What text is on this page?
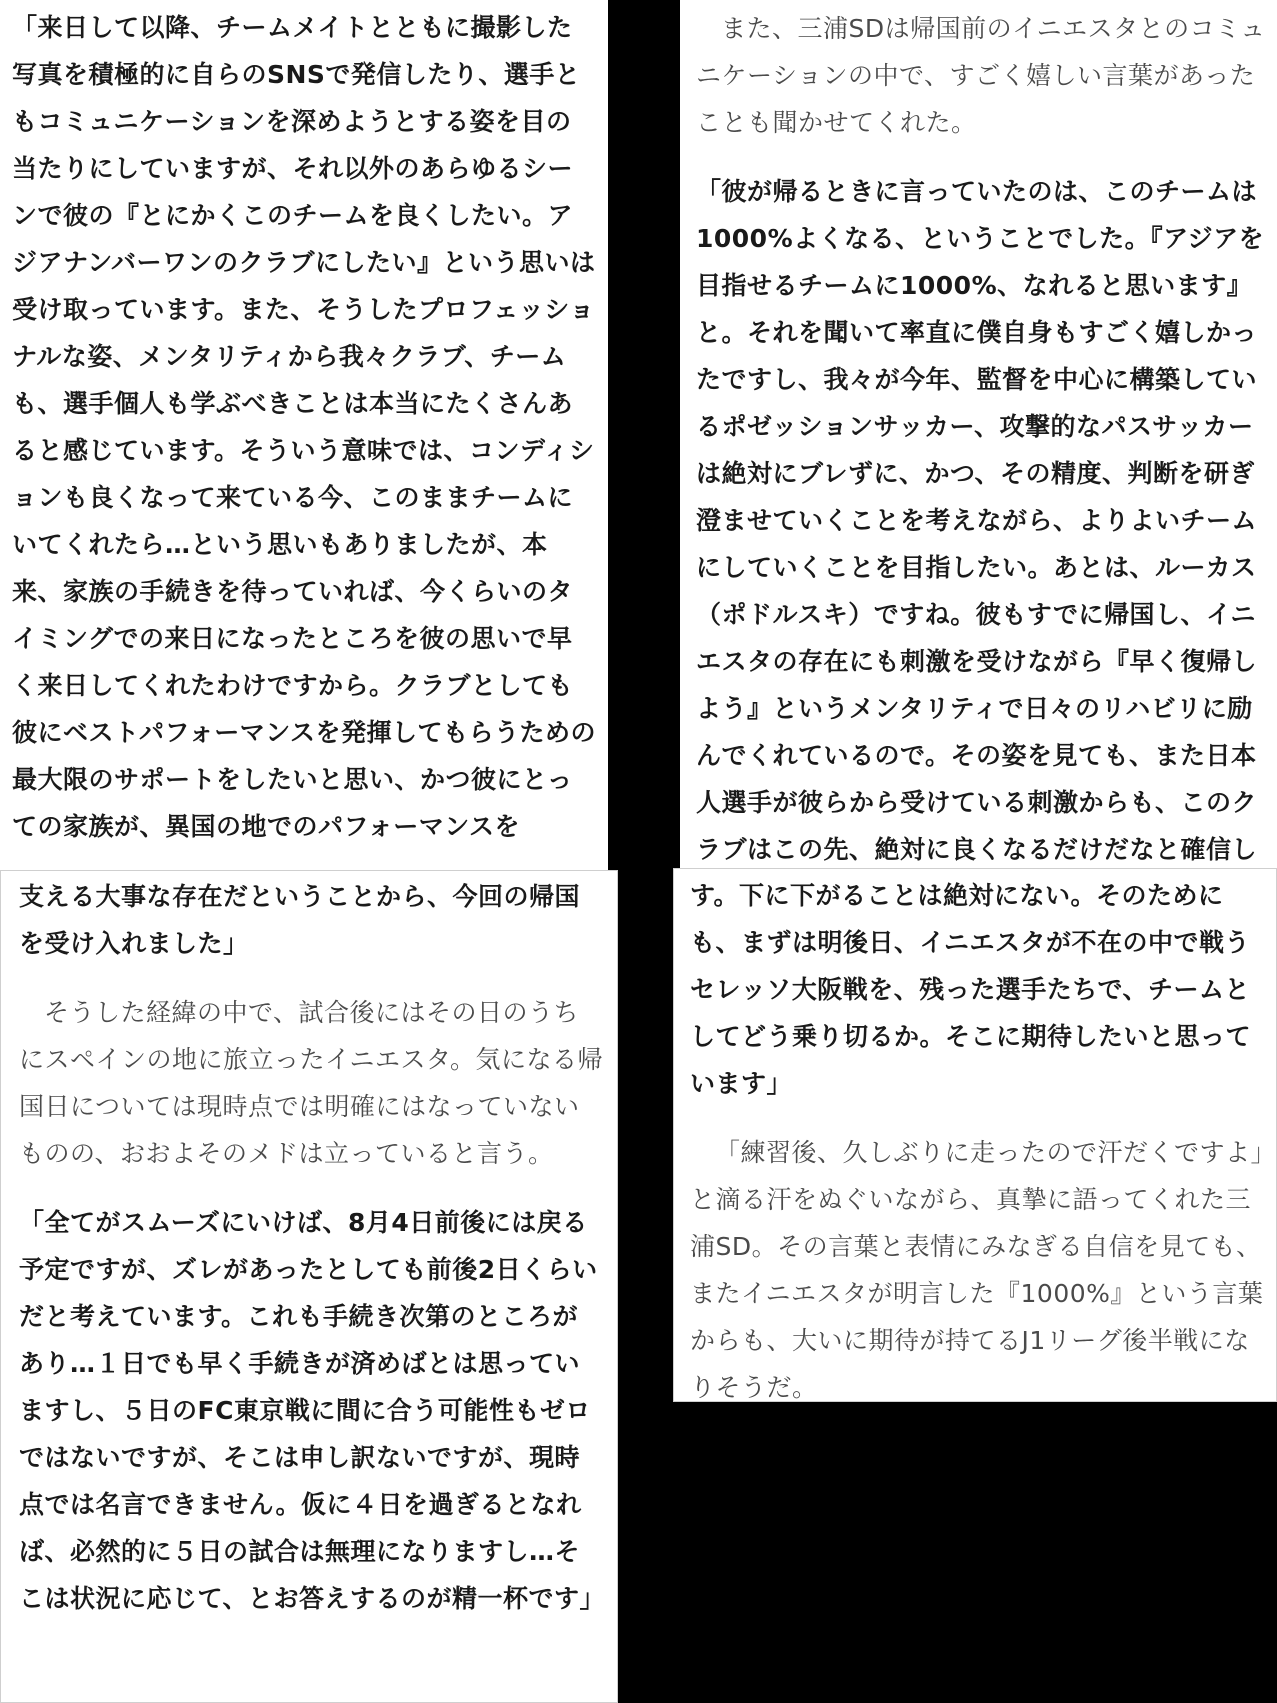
「来日して以降、チームメイトとともに撮影した写真を積極的に自らのSNSで発信したり、選手ともコミュニケーションを深めようとする姿を目の当たりにしていますが、それ以外のあらゆるシーンで彼の『とにかくこのチームを良くしたい。アジアナンバーワンのクラブにしたい』という思いは受け取っています。また、そうしたプロフェッショナルな姿、メンタリティから我々クラブ、チームも、選手個人も学ぶべきことは本当にたくさんあると感じています。そういう意味では、コンディションも良くなって来ている今、このままチームにいてくれたら…という思いもありましたが、本来、家族の手続きを待っていれば、今くらいのタイミングでの来日になったところを彼の思いで早く来日してくれたわけですから。クラブとしても彼にベストパフォーマンスを発揮してもらうための最大限のサポートをしたいと思い、かつ彼にとっての家族が、異国の地でのパフォーマンスを

支える大事な存在だということから、今回の帰国を受け入れました」

そうした経緯の中で、試合後にはその日のうちにスペインの地に旅立ったイニエスタ。気になる帰国日については現時点では明確にはなっていないものの、おおよそのメドは立っていると言う。

「全てがスムーズにいけば、8月4日前後には戻る予定ですが、ズレがあったとしても前後2日くらいだと考えています。これも手続き次第のところがあり…１日でも早く手続きが済めばとは思っていますし、５日のFC東京戦に間に合う可能性もゼロではないですが、そこは申し訳ないですが、現時点では名言できません。仮に４日を過ぎるとなれば、必然的に５日の試合は無理になりますし…そこは状況に応じて、とお答えするのが精一杯です」

また、三浦SDは帰国前のイニエスタとのコミュニケーションの中で、すごく嬉しい言葉があったことも聞かせてくれた。

「彼が帰るときに言っていたのは、このチームは1000%よくなる、ということでした。『アジアを目指せるチームに1000%、なれると思います』と。それを聞いて率直に僕自身もすごく嬉しかったですし、我々が今年、監督を中心に構築しているポゼッションサッカー、攻撃的なパスサッカーは絶対にブレずに、かつ、その精度、判断を研ぎ澄ませていくことを考えながら、よりよいチームにしていくことを目指したい。あとは、ルーカス（ポドルスキ）ですね。彼もすでに帰国し、イニエスタの存在にも刺激を受けながら『早く復帰しよう』というメンタリティで日々のリハビリに励んでくれているので。その姿を見ても、また日本人選手が彼らから受けている刺激からも、このクラブはこの先、絶対に良くなるだけだなと確信し

す。下に下がることは絶対にない。そのためにも、まずは明後日、イニエスタが不在の中で戦うセレッソ大阪戦を、残った選手たちで、チームとしてどう乗り切るか。そこに期待したいと思っています」

「練習後、久しぶりに走ったので汗だくですよ」と滴る汗をぬぐいながら、真摯に語ってくれた三浦SD。その言葉と表情にみなぎる自信を見ても、またイニエスタが明言した『1000%』という言葉からも、大いに期待が持てるJ1リーグ後半戦になりそうだ。
